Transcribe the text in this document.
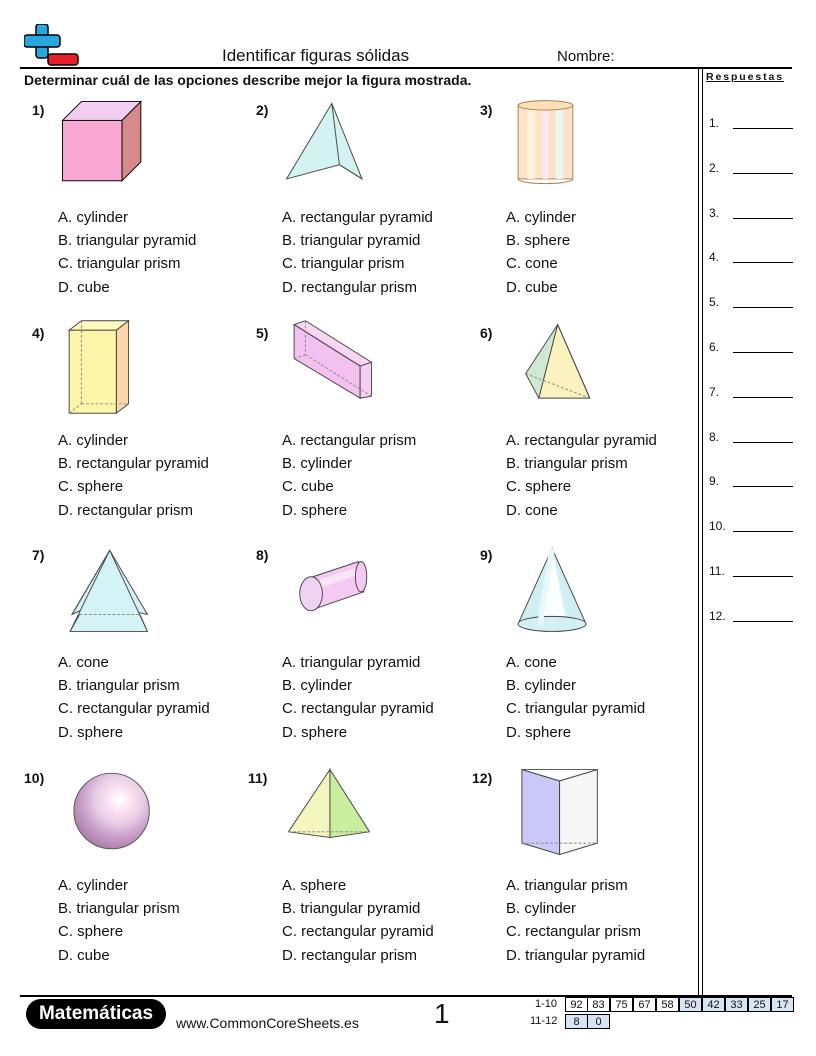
Identificar figuras sólidas	Nombre:
Determinar cuál de las opciones describe mejor la figura mostrada.	Respuestas
1.
2.
3.
4.
5.
6.
7.
8.
9.
10.
11.
12.
1)
A. cylinder
B. triangular pyramid
C. triangular prism
D. cube
2)
A. rectangular pyramid
B. triangular pyramid
C. triangular prism
D. rectangular prism
3)
A. cylinder
B. sphere
C. cone
D. cube
4)
A. cylinder
B. rectangular pyramid
C. sphere
D. rectangular prism
5)
A. rectangular prism
B. cylinder
C. cube
D. sphere
6)
A. rectangular pyramid
B. triangular prism
C. sphere
D. cone
7)
A. cone
B. triangular prism
C. rectangular pyramid
D. sphere
8)
A. triangular pyramid
B. cylinder
C. rectangular pyramid
D. sphere
9)
A. cone
B. cylinder
C. triangular pyramid
D. sphere
10)
A. cylinder
B. triangular prism
C. sphere
D. cube
11)
A. sphere
B. triangular pyramid
C. rectangular pyramid
D. rectangular prism
12)
A. triangular prism
B. cylinder
C. rectangular prism
D. triangular pyramid
Matemáticas	www.CommonCoreSheets.es	1	1-10	92 83 75 67 58 50 42 33 25 17
11-12	8	0
